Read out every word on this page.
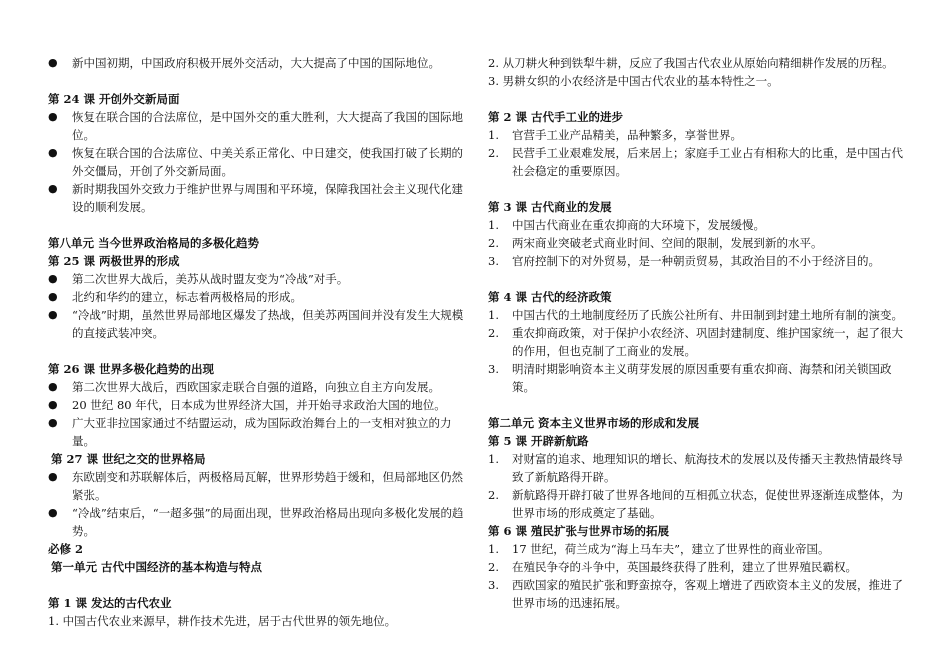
●	新中国初期，中国政府积极开展外交活动，大大提高了中国的国际地位。

第 24 课 开创外交新局面

●	恢复在联合国的合法席位，是中国外交的重大胜利，大大提高了我国的国际地位。

●	恢复在联合国的合法席位、中美关系正常化、中日建交，使我国打破了长期的外交僵局，开创了外交新局面。

●	新时期我国外交致力于维护世界与周围和平环境，保障我国社会主义现代化建设的顺利发展。

第八单元 当今世界政治格局的多极化趋势

第 25 课 两极世界的形成

●	第二次世界大战后，美苏从战时盟友变为“冷战”对手。

●	北约和华约的建立，标志着两极格局的形成。

●	“冷战”时期，虽然世界局部地区爆发了热战，但美苏两国间并没有发生大规模的直接武装冲突。

第 26 课 世界多极化趋势的出现

●	第二次世界大战后，西欧国家走联合自强的道路，向独立自主方向发展。

●	20 世纪 80 年代，日本成为世界经济大国，并开始寻求政治大国的地位。

●	广大亚非拉国家通过不结盟运动，成为国际政治舞台上的一支相对独立的力量。

第 27 课 世纪之交的世界格局

●	东欧剧变和苏联解体后，两极格局瓦解，世界形势趋于缓和，但局部地区仍然紧张。

●	“冷战”结束后，“一超多强”的局面出现，世界政治格局出现向多极化发展的趋势。

必修 2

第一单元 古代中国经济的基本构造与特点

第 1 课 发达的古代农业

1. 中国古代农业来源早，耕作技术先进，居于古代世界的领先地位。

2. 从刀耕火种到铁犁牛耕，反应了我国古代农业从原始向精细耕作发展的历程。

3. 男耕女织的小农经济是中国古代农业的基本特性之一。

第 2 课 古代手工业的进步

1.	官营手工业产品精美，品种繁多，享誉世界。

2.	民营手工业艰难发展，后来居上；家庭手工业占有相称大的比重，是中国古代社会稳定的重要原因。

第 3 课 古代商业的发展

1.	中国古代商业在重农抑商的大环境下，发展缓慢。

2.	两宋商业突破老式商业时间、空间的限制，发展到新的水平。

3.	官府控制下的对外贸易，是一种朝贡贸易，其政治目的不小于经济目的。

第 4 课 古代的经济政策

1.	中国古代的土地制度经历了氏族公社所有、井田制到封建土地所有制的演变。

2.	重农抑商政策，对于保护小农经济、巩固封建制度、维护国家统一，起了很大的作用，但也克制了工商业的发展。

3.	明清时期影响资本主义萌芽发展的原因重要有重农抑商、海禁和闭关锁国政策。

第二单元 资本主义世界市场的形成和发展

第 5 课 开辟新航路

1.	对财富的追求、地理知识的增长、航海技术的发展以及传播天主教热情最终导致了新航路得开辟。

2.	新航路得开辟打破了世界各地间的互相孤立状态，促使世界逐渐连成整体，为世界市场的形成奠定了基础。

第 6 课 殖民扩张与世界市场的拓展

1.	17 世纪，荷兰成为“海上马车夫”，建立了世界性的商业帝国。

2.	在殖民争夺的斗争中，英国最终获得了胜利，建立了世界殖民霸权。

3.	西欧国家的殖民扩张和野蛮掠夺，客观上增进了西欧资本主义的发展，推进了世界市场的迅速拓展。
